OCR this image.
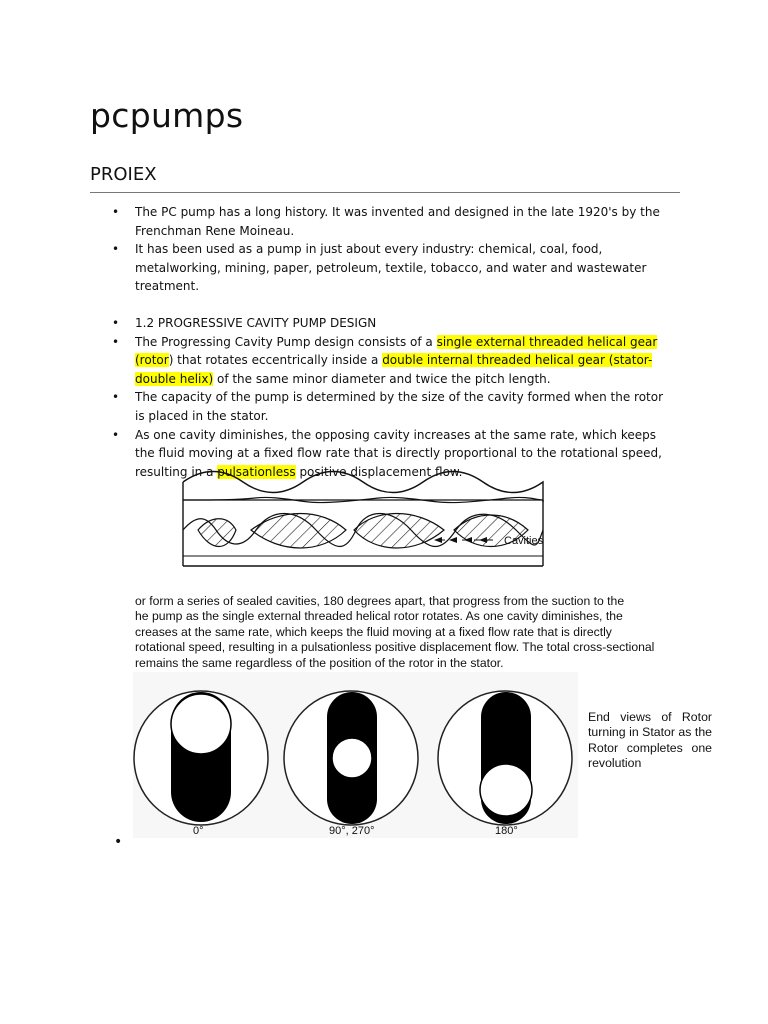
pcpumps
PROIEX
• The PC pump has a long history. It was invented and designed in the late 1920's by the Frenchman Rene Moineau.
• It has been used as a pump in just about every industry: chemical, coal, food, metalworking, mining, paper, petroleum, textile, tobacco, and water and wastewater treatment.
• 1.2 PROGRESSIVE CAVITY PUMP DESIGN
• The Progressing Cavity Pump design consists of a single external threaded helical gear (rotor) that rotates eccentrically inside a double internal threaded helical gear (stator-double helix) of the same minor diameter and twice the pitch length.
• The capacity of the pump is determined by the size of the cavity formed when the rotor is placed in the stator.
• As one cavity diminishes, the opposing cavity increases at the same rate, which keeps the fluid moving at a fixed flow rate that is directly proportional to the rotational speed, resulting in a pulsationless positive displacement flow.
Cavities
or form a series of sealed cavities, 180 degrees apart, that progress from the suction to the
he pump as the single external threaded helical rotor rotates. As one cavity diminishes, the
creases at the same rate, which keeps the fluid moving at a fixed flow rate that is directly
rotational speed, resulting in a pulsationless positive displacement flow. The total cross-sectional
remains the same regardless of the position of the rotor in the stator.
0°	90°, 270°	180°
End views of Rotor turning in Stator as the Rotor completes one revolution
•
